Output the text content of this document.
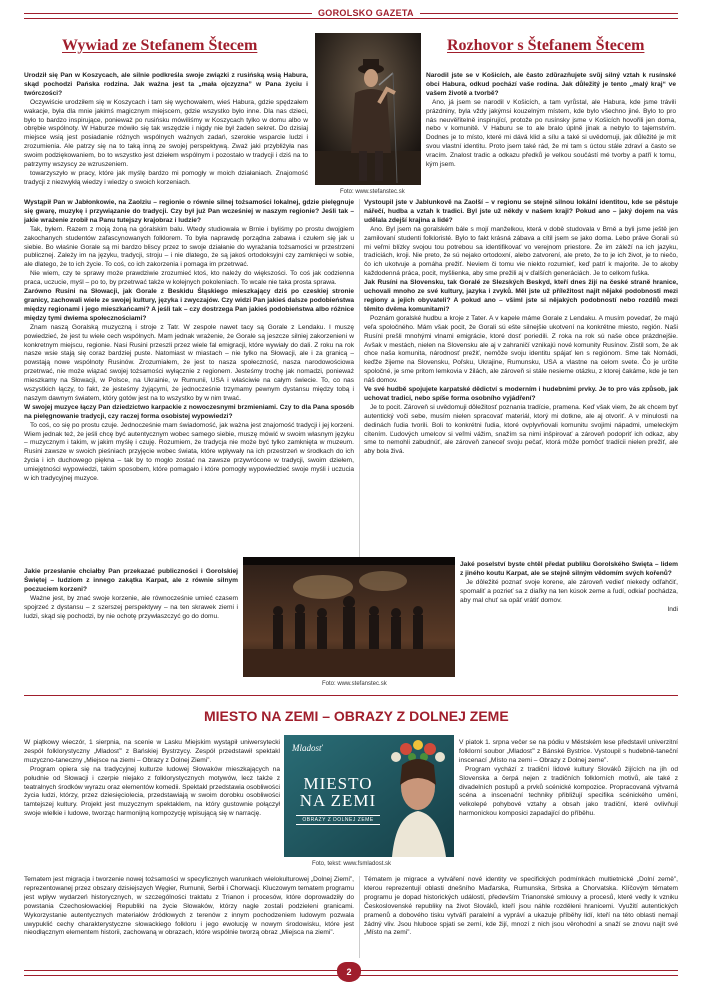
GOROLSKO GAZETA
Wywiad ze Stefanem Štecem	Rozhovor s Štefanem Štecem
Foto: www.stefanstec.sk

Urodził się Pan w Koszycach, ale silnie podkreśla swoje związki z rusińską wsią Habura, skąd pochodzi Pańska rodzina. Jak ważna jest ta „mała ojczyzna” w Pana życiu i twórczości?

Oczywiście urodziłem się w Koszycach i tam się wychowałem, wieś Habura, gdzie spędzałem wakacje, była dla mnie jakimś magicznym miejscem, gdzie wszystko było inne. Dla nas dzieci, było to bardzo inspirujące, ponieważ po rusińsku mówiliśmy w Koszycach tylko w domu albo w obrębie wspólnoty. W Haburze mówiło się tak wszędzie i nigdy nie był żaden sekret. Do dzisiaj miejsce wsią jest posiadanie różnych wspólnych ważnych zadań, szerokie wsparcie ludzi i zrozumienia. Ale patrzy się na to taką inną ze swojej perspektywą. Zważ jaki przybliżyła nas swoim podziękowaniem, bo to wszystko jest dziełem wspólnym i pozostało w tradycji i dziś na to patrzymy wszyscy ze wzruszeniem.

towarzyszyło w pracy, które jak myślę bardzo mi pomogły w moich działaniach. Znajomość tradycji z niezwykłą wiedzy i wiedzy o swoich korzeniach.

Narodil jste se v Košicích, ale často zdůrazňujete svůj silný vztah k rusínské obci Habura, odkud pochází vaše rodina. Jak důležitý je tento „malý kraj“ ve vašem životě a tvorbě?

Ano, já jsem se narodil v Košicích, a tam vyrůstal, ale Habura, kde jsme trávili prázdniny, byla vždy jakýmsi kouzelným místem, kde bylo všechno jiné. Bylo to pro nás neuvěřitelně inspirující, protože po rusínsky jsme v Košicích hovořili jen doma, nebo v komunitě. V Haburu se to ale bralo úplně jinak a nebylo to tajemstvím. Dodnes je to místo, které mi dává klid a sílu a také si uvědomuji, jak důležité je mít svou vlastní identitu. Proto jsem také rád, že mi tam s úctou stále zdraví a často se vracím. Znalost tradic a odkazu předků je velkou součástí mé tvorby a patří k tomu, kým jsem.

Wystąpił Pan w Jabłonkowie, na Zaolziu – regionie o równie silnej tożsamości lokalnej, gdzie pielęgnuje się gwarę, muzykę i przywiązanie do tradycji. Czy był już Pan wcześniej w naszym regionie? Jeśli tak – jakie wrażenie zrobił na Panu tutejszy krajobraz i ludzie?

Tak, byłem. Razem z moją żoną na góralskim balu. Wtedy studiowała w Brnie i byliśmy po prostu dwojgiem zakochanych studentów zafascynowanych folklorem. To była naprawdę porządna zabawa i czułem się jak u siebie. Bo właśnie Gorale są mi bardzo bliscy przez to swoje działanie do wyrażania tożsamości w przestrzeni publicznej. Zależy im na języku, tradycji, stroju – i nie dlatego, że są jakoś ortodoksyjni czy zamknięci w sobie, ale dlatego, że to ich życie. To coś, co ich zakorzenia i pomaga im przetrwać.

Nie wiem, czy te sprawy może prawdziwie zrozumieć ktoś, kto należy do większości. To coś jak codzienna praca, uczucie, myśl – po to, by przetrwać także w kolejnych pokoleniach. To wcale nie taka prosta sprawa.

Zarówno Rusini na Słowacji, jak Gorale z Beskidu Śląskiego mieszkający dziś po czeskiej stronie granicy, zachowali wiele ze swojej kultury, języka i zwyczajów. Czy widzi Pan jakieś dalsze podobieństwa między regionami i jego mieszkańcami? A jeśli tak – czy dostrzega Pan jakieś podobieństwa albo różnice między tymi dwiema społecznościami?

Znam naszą Goralską muzyczną i stroje z Tatr. W zespole nawet tacy są Gorale z Lendaku. I muszę powiedzieć, że jest tu wiele cech wspólnych. Mam jednak wrażenie, że Gorale są jeszcze silniej zakorzenieni w konkretnym miejscu, regionie. Nasi Rusini przeszli przez wiele fal emigracji, które wywiały do dali. Z roku na rok nasze wsie stają się coraz bardziej puste. Natomiast w miastach – nie tylko na Słowacji, ale i za granicą – powstają nowe wspólnoty Rusinów. Zrozumiałem, że jest to nasza społeczność, nasza narodowościowa przetrwać, nie może wiązać swojej tożsamości wyłącznie z regionem. Jesteśmy trochę jak nomadzi, ponieważ mieszkamy na Słowacji, w Polsce, na Ukrainie, w Rumunii, USA i właściwie na całym świecie. To, co nas wszystkich łączy, to fakt, że jesteśmy żyjącymi, że jednocześnie trzymamy pewnym dystansu między tobą i naszym dawnym światem, który gotów jest na to wszystko by w nim trwać.

W swojej muzyce łączy Pan dziedzictwo karpackie z nowoczesnymi brzmieniami. Czy to dla Pana sposób na pielęgnowanie tradycji, czy raczej forma osobistej wypowiedzi?

To coś, co się po prostu czuje. Jednocześnie mam świadomość, jak ważna jest znajomość tradycji i jej korzeni. Wiem jednak też, że jeśli chcę być autentycznym wobec samego siebie, muszę mówić w swoim własnym języku – muzycznym i takim, w jakim myślę i czuję. Rozumiem, że tradycja nie może być tylko zamknięta w muzeum. Rusini zawsze w swoich pieśniach przyjęcie wobec świata, które wpływały na ich przestrzeń w środkach do ich życia i ich duchowego piękna – tak by to mogło zostać na zawsze przywrócone w tradycji, swoim dziełem, umiejętności wypowiedzi, takim sposobem, które pomagało i które pomogły wypowiedzieć swoje myśli i uczucia w ich tradycyjnej muzyce.

Vystoupil jste v Jablunkově na Zaolší – v regionu se stejně silnou lokální identitou, kde se pěstuje nářečí, hudba a vztah k tradici. Byl jste už někdy v našem kraji? Pokud ano – jaký dojem na vás udělala zdejší krajina a lidé?

Ano. Byl jsem na goralském bále s mojí manželkou, která v době studovala v Brně a byli jsme ještě jen zamilovaní studenti folkloristé. Bylo to fakt krásná zábava a cítil jsem se jako doma. Lebo práve Gorali sú mi veľmi blízky svojou tou potrebou sa identifikovať vo verejnom priestore. Že im záleží na ich jazyku, tradíciách, kroji. Nie preto, že sú nejako ortodoxní, alebo zatvorení, ale preto, že to je ich život, je to niečo, čo ich ukotvuje a pomáha prežiť. Neviem či tomu vie niekto rozumieť, keď patrí k majorite. Je to akoby každodenná práca, pocit, myšlienka, aby sme prežili aj v ďalších generáciách. Je to celkom fuška.

Jak Rusíni na Slovensku, tak Goralé ze Slezských Beskyd, kteří dnes žijí na české straně hranice, uchovali mnoho ze své kultury, jazyka i zvyků. Měl jste už příležitost najít nějaké podobnosti mezi regiony a jejich obyvateli? A pokud ano – všiml jste si nějakých podobností nebo rozdílů mezi těmito dvěma komunitami?

Poznám goralské hudbu a kroje z Tater. A v kapele máme Gorale z Lendaku. A musím povedať, že majú veľa spoločného. Mám však pocit, že Gorali sú ešte silnejšie ukotvení na konkrétne miesto, región. Naši Rusíni prešli mnohými vlnami emigrácie, ktoré dosť poriedili. Z roka na rok sú naše obce prázdnejšie. Avšak v mestách, nielen na Slovensku ale aj v zahraničí vznikajú nové komunity Rusínov. Zistil som, že ak chce naša komunita, národnosť prežiť, nemôže svoju identitu spájať len s regiónom. Sme tak Nomádi, keďže žijeme na Slovensku, Poľsku, Ukrajine, Rumunsku, USA a vlastne na celom svete. Čo je určite spoločné, je sme pritom lemkovia v žilách, ale zároveň si stále nesieme otázku, z ktorej čakáme, kde je ten náš domov.

Ve své hudbě spojujete karpatské dědictví s moderním i hudebními prvky. Je to pro vás způsob, jak uchovat tradici, nebo spíše forma osobního vyjádření?

Je to pocit. Zároveň si uvědomuji dôležitosť poznania tradície, pramena. Keď však viem, že ak chcem byť autentický voči sebe, musím nielen spracovať materiál, ktorý mi dotkne, ale aj otvoriť. A v minulosti na dedinách ľudia tvorili. Boli to konkrétni ľudia, ktoré ovplyvňovali komunitu svojimi nápadmi, umeleckým cítením. Ľudových umelcov si veľmi vážim, snažím sa nimi inšpirovať a zároveň podopriť ich odkaz, aby sme to nemohli zabudnúť, ale zároveň zaneceľ svoju pečať, ktorá môže pomôcť tradícii nielen prežiť, ale aby bola živá.

Foto: www.stefanstec.sk

Jakie przesłanie chciałby Pan przekazać publiczności i Gorolskiej Świętej – ludziom z innego zakątka Karpat, ale z równie silnym poczuciem korzeni?

Ważne jest, by znać swoje korzenie, ale równocześnie umieć czasem spojrzeć z dystansu – z szerszej perspektywy – na ten skrawek ziemi i ludzi, skąd się pochodzi, by nie ochotę przywłaszczyć go do domu.

Jaké poselství byste chtěl předat publiku Gorolského Święta – lidem z jiného koutu Karpat, ale se stejně silným vědomím svých kořenů?

Je dôležité poznať svoje korene, ale zároveň vedieť niekedy odľahčiť, spomaliť a pozrieť sa z diaľky na ten kúsok zeme a ľudí, odkiaľ pochádza, aby mal chuť sa opäť vrátiť domov.

Indi

MIESTO NA ZEMI – OBRAZY Z DOLNEJ ZEME
Mladosť
MIESTO NA ZEMI
OBRAZY Z DOLNEJ ZEME
Foto, tekst: www.fsmladost.sk

W piątkowy wieczór, 1 sierpnia, na scenie w Lasku Miejskim wystąpił uniwersytecki zespół folklorystyczny „Mladosť” z Bańskiej Bystrzycy. Zespół przedstawił spektakl muzyczno-taneczny „Miejsce na ziemi – Obrazy z Dolnej Ziemi”.

Program opiera się na tradycyjnej kulturze ludowej Słowaków mieszkających na południe od Słowacji i czerpie niejako z folklorystycznych motywów, lecz także z teatralnych środków wyrazu oraz elementów komedii. Spektakl przedstawia osobliwości życia ludzi, którzy, przez dziesięciolecia, przedstawiają w swoim dorobku osobliwości tamtejszej kultury. Projekt jest muzycznym spektaklem, na który gustownie połączył swoje wielkie i ludowe, tworząc harmonijną kompozycję wpisującą się w narrację.

V piatok 1. srpna večer se na pódiu v Městském lese představil univerzitní folklorní soubor „Mladosť” z Bánské Bystrice. Vystoupil s hudebně-taneční inscenací „Místo na zemi – Obrazy z Dolnej zeme”.

Program vychází z tradiční lidové kultury Slováků žijících na jih od Slovenska a čerpá nejen z tradičních folklorních motivů, ale také z divadelních postupů a prvků scénické kompozice. Propracovaná výtvarná scéna a inscenační techniky přibližují specifika scénického umění, velkolepé pohybové vztahy a obsah jako tradiční, které ovlivňují harmonickou komposici zapadající do příběhu.

Tematem jest migracja i tworzenie nowej tożsamości w specyficznych warunkach wielokulturowej „Dolnej Ziemi”, reprezentowanej przez obszary dzisiejszych Węgier, Rumunii, Serbii i Chorwacji. Kluczowym tematem programu jest wpływ wydarzeń historycznych, w szczególności traktatu z Trianon i procesów, które doprowadziły do powstania Czechosłowackiej Republiki na życie Słowaków, którzy nagle zostali podzieleni granicami. Wykorzystanie autentycznych materiałów źródłowych z terenów z innym pochodzeniem ludowym pozwala uwypuklić cechy charakterystyczne słowackiego folkloru i jego ewolucję w nowym środowisku, które jest nieodłącznym elementem historii, zachowaną w obrazach, które wspólnie tworzą obraz „Miejsca na ziemi”.

Tématem je migrace a vytváření nové identity ve specifických podmínkách multietnické „Dolní země”, kterou reprezentují oblasti dnešního Maďarska, Rumunska, Srbska a Chorvatska. Klíčovým tématem programu je dopad historických událostí, především Trianonské smlouvy a procesů, které vedly k vzniku Československé republiky na život Slováků, kteří jsou náhle rozděleni hranicemi. Využití autentických pramenů a dobového tisku vytváří paralelní a vypráví a ukazuje příběhy lidí, kteří na této oblasti nemají žádný vliv. Jsou hluboce spjati se zemí, kde žijí, mnozí z nich jsou věrohodní a snaží se znovu najít své „Místo na zemi”.

2
